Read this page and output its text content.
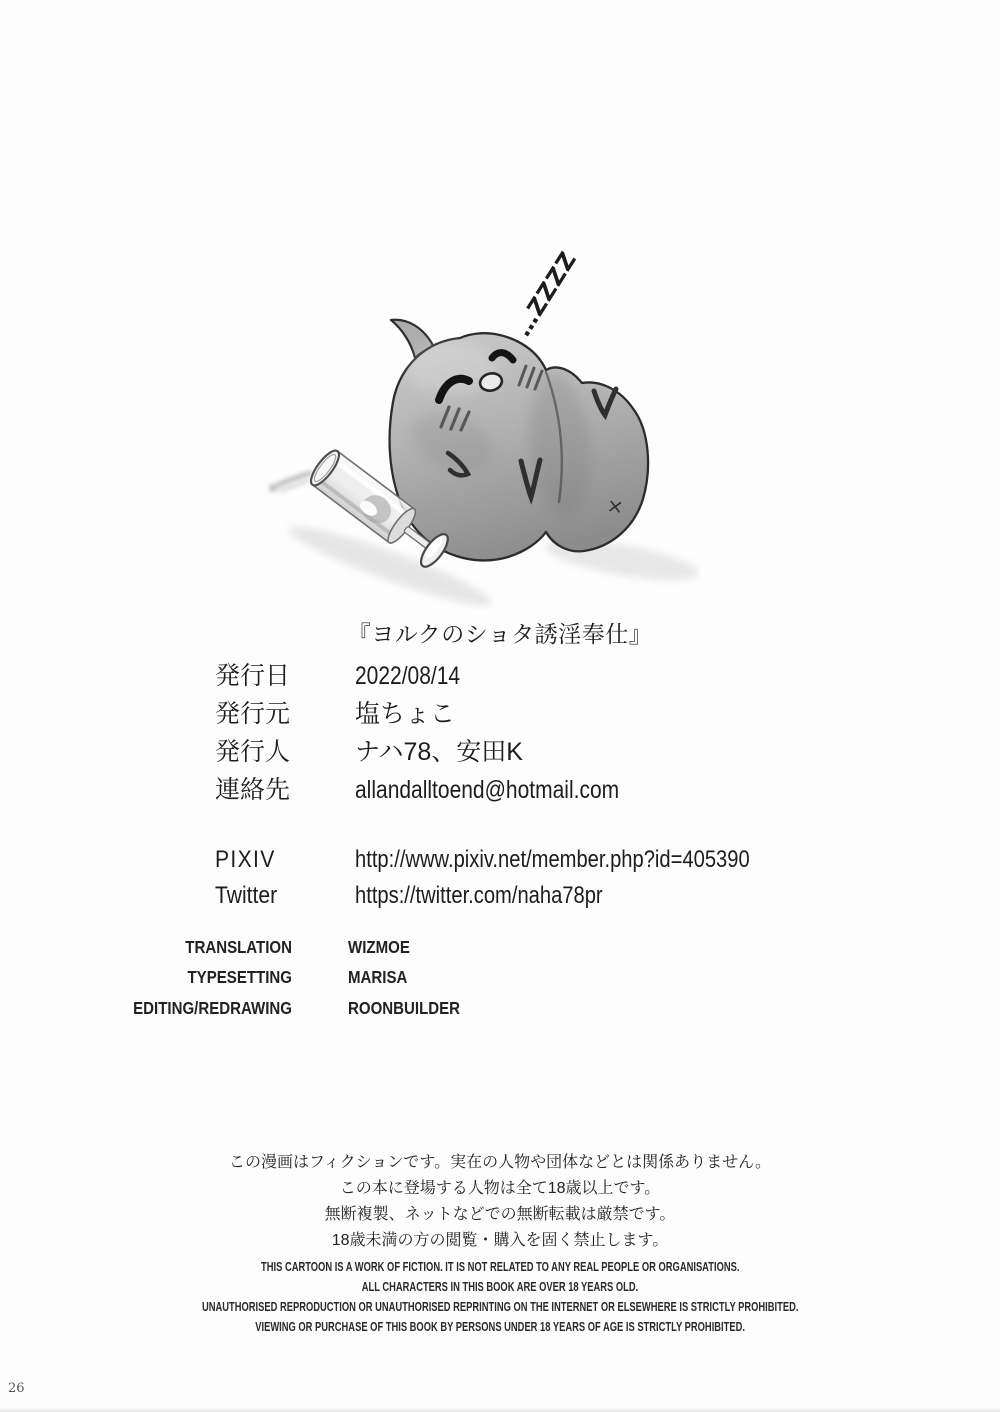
×
…ZZZZ
『ヨルクのショタ誘淫奉仕』
発行日	2022/08/14
発行元	塩ちょこ
発行人	ナハ78、安田K
連絡先	allandalltoend@hotmail.com
PIXIV	http://www.pixiv.net/member.php?id=405390
Twitter	https://twitter.com/naha78pr
TRANSLATION	WIZMOE
TYPESETTING	MARISA
EDITING/REDRAWING	ROONBUILDER
この漫画はフィクションです。実在の人物や団体などとは関係ありません。
この本に登場する人物は全て18歳以上です。
無断複製、ネットなどでの無断転載は厳禁です。
18歳未満の方の閲覧・購入を固く禁止します。
THIS CARTOON IS A WORK OF FICTION. IT IS NOT RELATED TO ANY REAL PEOPLE OR ORGANISATIONS.
ALL CHARACTERS IN THIS BOOK ARE OVER 18 YEARS OLD.
UNAUTHORISED REPRODUCTION OR UNAUTHORISED REPRINTING ON THE INTERNET OR ELSEWHERE IS STRICTLY PROHIBITED.
VIEWING OR PURCHASE OF THIS BOOK BY PERSONS UNDER 18 YEARS OF AGE IS STRICTLY PROHIBITED.
26
